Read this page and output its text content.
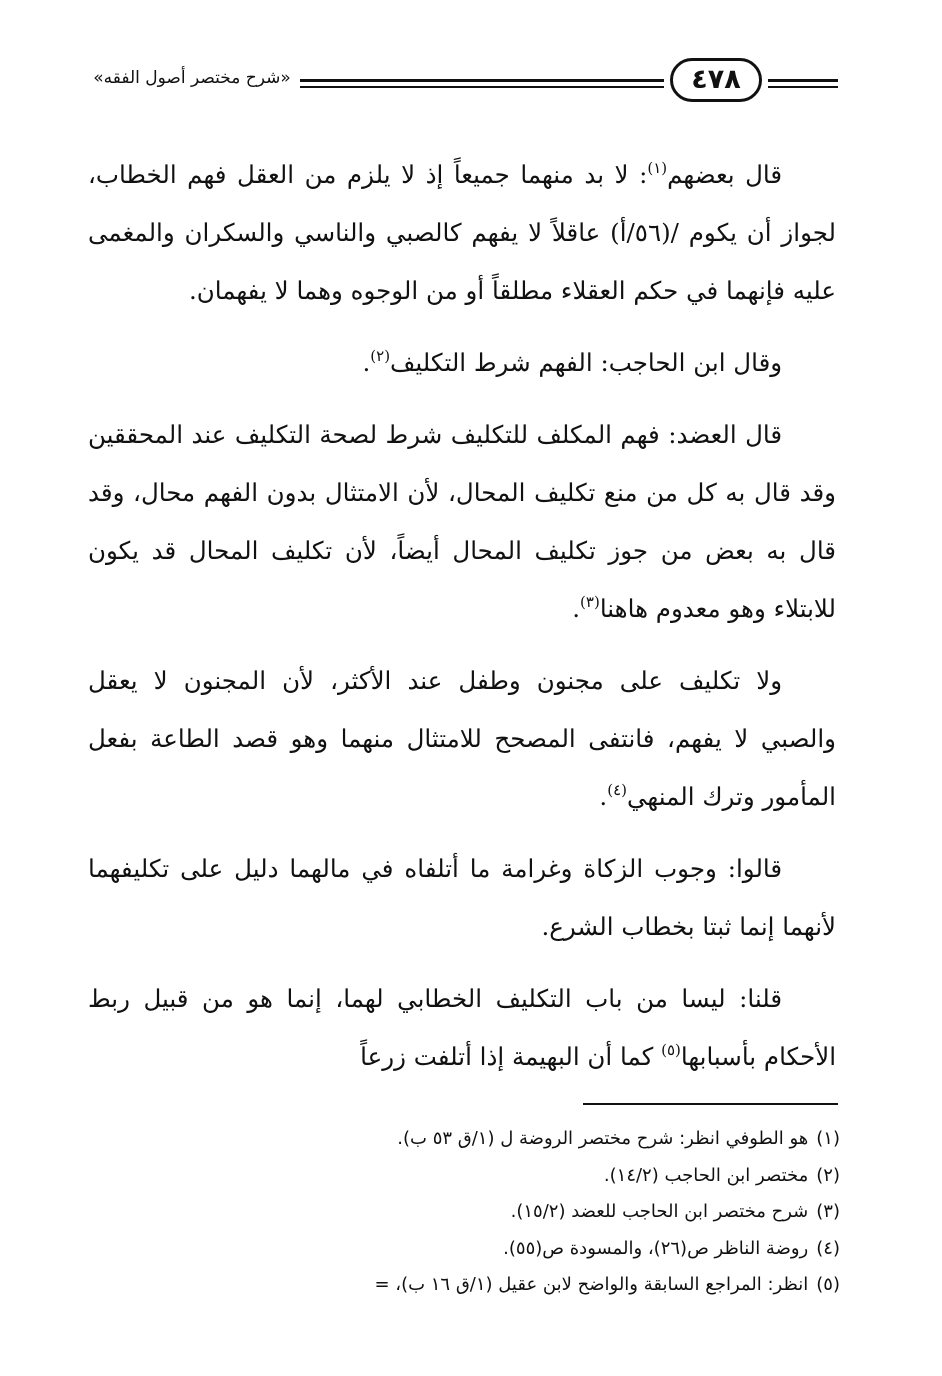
«شرح مختصر أصول الفقه»	٤٧٨

قال بعضهم$^{(١)}$: لا بد منهما جميعاً إذ لا يلزم من العقل فهم الخطاب، لجواز أن يكوم /(٥٦/أ) عاقلاً لا يفهم كالصبي والناسي والسكران والمغمى عليه فإنهما في حكم العقلاء مطلقاً أو من الوجوه وهما لا يفهمان.

وقال ابن الحاجب: الفهم شرط التكليف$^{(٢)}$.

قال العضد: فهم المكلف للتكليف شرط لصحة التكليف عند المحققين وقد قال به كل من منع تكليف المحال، لأن الامتثال بدون الفهم محال، وقد قال به بعض من جوز تكليف المحال أيضاً، لأن تكليف المحال قد يكون للابتلاء وهو معدوم هاهنا$^{(٣)}$.

ولا تكليف على مجنون وطفل عند الأكثر، لأن المجنون لا يعقل والصبي لا يفهم، فانتفى المصحح للامتثال منهما وهو قصد الطاعة بفعل المأمور وترك المنهي$^{(٤)}$.

قالوا: وجوب الزكاة وغرامة ما أتلفاه في مالهما دليل على تكليفهما لأنهما إنما ثبتا بخطاب الشرع.

قلنا: ليسا من باب التكليف الخطابي لهما، إنما هو من قبيل ربط الأحكام بأسبابها$^{(٥)}$ كما أن البهيمة إذا أتلفت زرعاً

(١)هو الطوفي انظر: شرح مختصر الروضة ل (١/ق ٥٣ ب).
(٢)مختصر ابن الحاجب (١٤/٢).
(٣)شرح مختصر ابن الحاجب للعضد (١٥/٢).
(٤)روضة الناظر ص(٢٦)، والمسودة ص(٥٥).
(٥)انظر: المراجع السابقة والواضح لابن عقيل (١/ق ١٦ ب)، =
